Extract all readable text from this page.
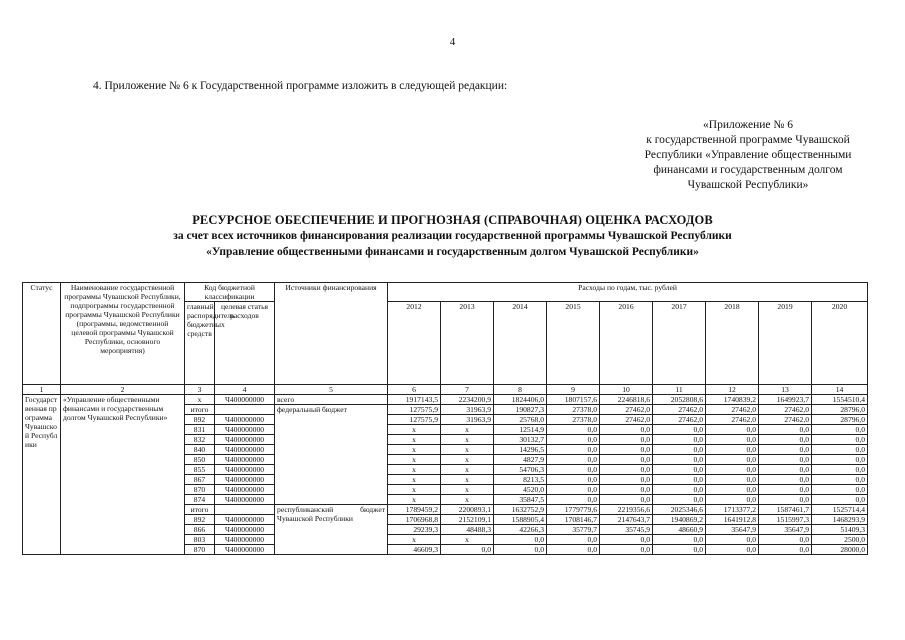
4
4. Приложение № 6 к Государственной программе изложить в следующей редакции:
«Приложение № 6
к государственной программе Чувашской
Республики «Управление общественными
финансами и государственным долгом
Чувашской Республики»
РЕСУРСНОЕ ОБЕСПЕЧЕНИЕ И ПРОГНОЗНАЯ (СПРАВОЧНАЯ) ОЦЕНКА РАСХОДОВ
за счет всех источников финансирования реализации государственной программы Чувашской Республики
«Управление общественными финансами и государственным долгом Чувашской Республики»
Статус	Наименование государственной программы Чувашской Республики, подпрограммы государственной программы Чувашской Республики (программы, ведомственной целевой программы Чувашской Республики, основного мероприятия)	Код бюджетной классификации		Источники финансирования	Расходы по годам, тыс. рублей								
		главный распорядитель бюджетных средств	целевая статья расходов		2012	2013	2014	2015	2016	2017	2018	2019	2020
1	2	3	4	5	6	7	8	9	10	11	12	13	14
Государственная программа Чувашской Республики	«Управление общественными финансами и государственным долгом Чувашской Республики»	x	Ч400000000	всего	1917143,5	2234200,9	1824406,0	1807157,6	2246818,6	2052808,6	1740839,2	1649923,7	1554510,4
		итого		федеральный бюджет	127575,9	31963,9	190827,3	27378,0	27462,0	27462,0	27462,0	27462,0	28796,0
		892	Ч400000000		127575,9	31963,9	25768,0	27378,0	27462,0	27462,0	27462,0	27462,0	28796,0
		831	Ч400000000		x	x	12514,9	0,0	0,0	0,0	0,0	0,0	0,0
		832	Ч400000000		x	x	30132,7	0,0	0,0	0,0	0,0	0,0	0,0
		840	Ч400000000		x	x	14296,5	0,0	0,0	0,0	0,0	0,0	0,0
		850	Ч400000000		x	x	4827,9	0,0	0,0	0,0	0,0	0,0	0,0
		855	Ч400000000		x	x	54706,3	0,0	0,0	0,0	0,0	0,0	0,0
		867	Ч400000000		x	x	8213,5	0,0	0,0	0,0	0,0	0,0	0,0
		870	Ч400000000		x	x	4520,0	0,0	0,0	0,0	0,0	0,0	0,0
		874	Ч400000000		x	x	35847,5	0,0	0,0	0,0	0,0	0,0	0,0
		итого		республиканский бюджет Чувашской Республики	1789459,2	2200893,1	1632752,9	1779779,6	2219356,6	2025346,6	1713377,2	1587461,7	1525714,4
		892	Ч400000000		1706968,8	2152109,1	1588905,4	1708146,7	2147643,7	1940869,2	1641912,8	1515997,3	1468293,9
		866	Ч400000000		29239,3	48488,3	42266,3	35779,7	35745,9	48660,9	35647,9	35647,9	51409,3
		803	Ч400000000		x	x	0,0	0,0	0,0	0,0	0,0	0,0	2500,0
		870	Ч400000000		46609,3	0,0	0,0	0,0	0,0	0,0	0,0	0,0	28000,0
